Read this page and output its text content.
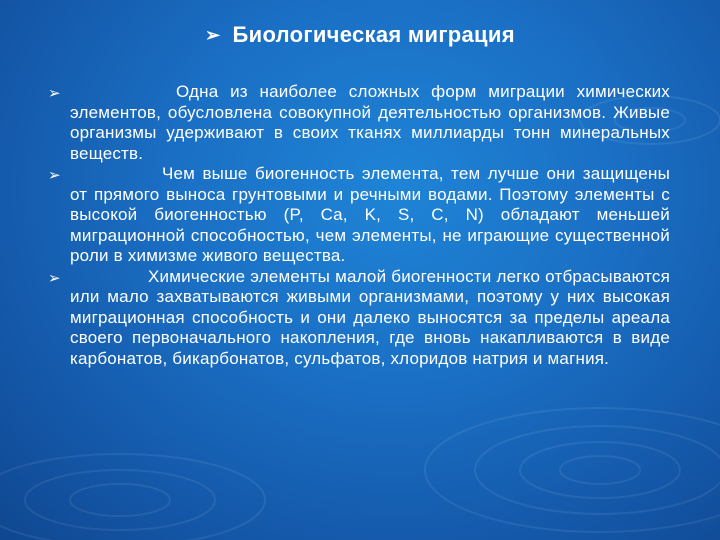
➢ Биологическая миграция
➢	Одна из наиболее сложных форм миграции химических элементов, обусловлена совокупной деятельностью организмов. Живые организмы удерживают в своих тканях миллиарды тонн минеральных веществ.
➢	Чем выше биогенность элемента, тем лучше они защищены от прямого выноса грунтовыми и речными водами. Поэтому элементы с высокой биогенностью (P, Ca, K, S, C, N) обладают меньшей миграционной способностью, чем элементы, не играющие существенной роли в химизме живого вещества.
➢	Химические элементы малой биогенности легко отбрасываются или мало захватываются живыми организмами, поэтому у них высокая миграционная способность и они далеко выносятся за пределы ареала своего первоначального накопления, где вновь накапливаются в виде карбонатов, бикарбонатов, сульфатов, хлоридов натрия и магния.
